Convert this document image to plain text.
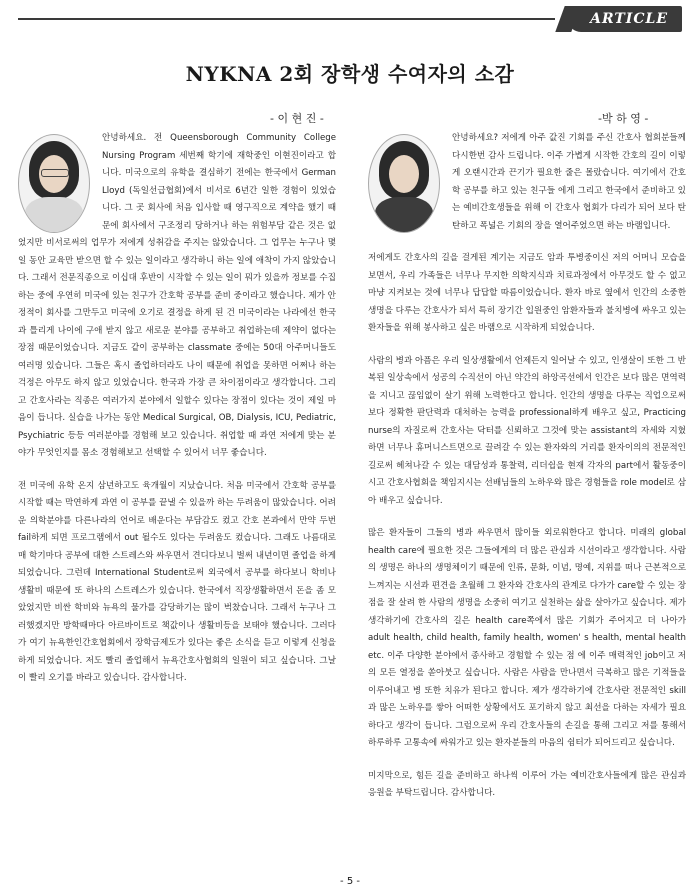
ARTICLE
NYKNA 2회 장학생 수여자의 소감
- 이 현 진 -	-박 하 영 -

안녕하세요. 전 Queensborough Community College Nursing Program 세번째 학기에 재학중인 이현진이라고 합니다. 미국으로의 유학을 결심하기 전에는 한국에서 German Lloyd (독일선급협회)에서 비서로 6년간 일한 경험이 있었습니다. 그 곳 회사에 처음 입사할 때 영구직으로 계약을 했기 때문에 회사에서 구조정리 당하거나 하는 위험부담 같은 것은 없었지만 비서로써의 업무가 저에게 성취감을 주지는 않았습니다. 그 업무는 누구나 몇 일 동안 교육만 받으면 할 수 있는 일이라고 생각하니 하는 일에 애착이 가지 않았습니다. 그래서 전문직종으로 이십대 후반이 시작할 수 있는 일이 뭐가 있을까 정보를 수집하는 중에 우연히 미국에 있는 친구가 간호학 공부를 준비 중이라고 했습니다. 제가 안정적이 회사를 그만두고 미국에 오기로 결정을 하게 된 건 미국이라는 나라에선 한국과 틀리게 나이에 구애 받지 않고 새로운 분야를 공부하고 취업하는데 제약이 없다는 장점 때문이었습니다. 지금도 같이 공부하는 classmate 중에는 50대 아주머니들도 여러명 있습니다. 그들은 혹시 졸업하더라도 나이 때문에 취업을 못하면 어쩌나 하는 걱정은 아무도 하지 않고 있었습니다. 한국과 가장 큰 차이점이라고 생각합니다. 그리고 간호사라는 직종은 여러가지 분야에서 일할수 있다는 장점이 있다는 것이 제일 마음이 듭니다. 실습을 나가는 동안 Medical Surgical, OB, Dialysis, ICU, Pediatric, Psychiatric 등등 여러분야를 경험해 보고 있습니다. 취업할 때 과연 저에게 맞는 분야가 무엇인지를 몸소 경험해보고 선택할 수 있어서 너무 좋습니다.

전 미국에 유학 온지 삼년하고도 육개월이 지났습니다. 처음 미국에서 간호학 공부를 시작할 때는 막연하게 과연 이 공부를 끝낼 수 있을까 하는 두려움이 많았습니다. 어려운 의학분야를 다른나라의 언어로 배운다는 부담감도 컸고 간호 본과에서 만약 두번 fail하게 되면 프로그램에서 out 될수도 있다는 두려움도 컸습니다. 그래도 나름대로 매 학기마다 공부에 대한 스트레스와 싸우면서 견디다보니 벌써 내년이면 졸업을 하게 되었습니다. 그런데 International Student로써 외국에서 공부를 하다보니 학비나 생활비 때문에 또 하나의 스트레스가 있습니다. 한국에서 직장생활하면서 돈을 좀 모았었지만 비싼 학비와 뉴욕의 물가를 감당하기는 많이 벅찼습니다. 그래서 누구나 그러했겠지만 방학때마다 아르바이트로 책값이나 생활비등을 보태야 했습니다. 그러다가 여기 뉴욕한인간호협회에서 장학금제도가 있다는 좋은 소식을 듣고 이렇게 신청을 하게 되었습니다. 저도 빨리 졸업해서 뉴욕간호사협회의 일원이 되고 싶습니다. 그날이 빨리 오기를 바라고 있습니다. 감사합니다.

안녕하세요? 저에게 아주 값진 기회를 주신 간호사 협회분들께 다시한번 감사 드립니다. 이주 가볍게 시작한 간호의 길이 이렇게 오랜시간과 끈기가 필요한 줄은 몰랐습니다. 여기에서 간호학 공부를 하고 있는 친구들 에게 그리고 한국에서 준비하고 있는 예비간호생들을 위해 이 간호사 협회가 다리가 되어 보다 탄탄하고 폭넓은 기회의 장을 열어주었으면 하는 바램입니다.

저에게도 간호사의 길을 걸게된 계기는 지금도 암과 투병중이신 저의 어머니 모습을 보면서, 우리 가족들은 너무나 무지한 의학지식과 치료과정에서 아무것도 할 수 없고 마냥 지켜보는 것에 너무나 답답할 따름이었습니다. 환자 바로 옆에서 인간의 소중한 생명을 다루는 간호사가 되서 특히 장기간 입원중인 암환자들과 불치병에 싸우고 있는 환자들을 위해 봉사하고 싶은 바램으로 시작하게 되었습니다.

사람의 병과 아픔은 우리 일상생활에서 언제든지 일어날 수 있고, 인생살이 또한 그 반복된 일상속에서 성공의 수직선이 아닌 약간의 하앙곡선에서 인간은 보다 많은 면역력을 지니고 끊임없이 살기 위해 노력한다고 합니다. 인간의 생명을 다루는 직업으로써 보다 정확한 판단력과 대처하는 능력을 professional하게 배우고 싶고, Practicing nurse의 자질로써 간호사는 닥터를 신뢰하고 그것에 맞는 assistant의 자세와 지혔하면 너무나 휴머니스트면으로 끌려갈 수 있는 환자와의 거리를 환자이의의 전문적인 길로써 헤쳐나갈 수 있는 대담성과 통찰력, 리더쉽을 현재 각자의 part에서 활동중이시고 간호사협회을 책임지시는 선배님들의 노하우와 많은 경험들을 role model로 삼아 배우고 싶습니다.

많은 환자들이 그들의 병과 싸우면서 많이들 외로워한다고 합니다. 미래의 global health care에 필요한 것은 그들에게의 더 많은 관심과 시선이라고 생각합니다. 사람의 생명은 하나의 생명체이기 때문에 인류, 문화, 이념, 명예, 지위를 떠나 근본적으로 느껴지는 시선과 편견을 초월해 그 환자와 간호사의 관계로 다가가 care할 수 있는 장점을 잘 살려 한 사람의 생명을 소중히 여기고 실천하는 삶을 살아가고 싶습니다. 제가 생각하기에 간호사의 길은 health care쪽에서 많은 기회가 주어지고 더 나아가 adult health, child health, family health, women' s health, mental health etc. 이주 다양한 분야에서 종사하고 경험할 수 있는 점 에 이주 매력적인 job이고 저의 모든 열정을 쏟아붓고 싶습니다. 사람은 사람을 만나면서 극복하고 많은 기적들을 이루어내고 병 또한 치유가 된다고 합니다. 제가 생각하기에 간호사란 전문적인 skill과 많은 노하우를 쌓아 어떠한 상황에서도 포기하지 않고 최선을 다하는 자세가 필요하다고 생각이 듭니다. 그럼으로써 우리 간호사들의 손길을 통해 그리고 저를 통해서 하루하루 고통속에 싸워가고 있는 환자분들의 마음의 쉼터가 되어드리고 싶습니다.

미지막으로, 힘든 길을 준비하고 하나씩 이루어 가는 예비간호사들에게 많은 관심과 응원을 부탁드립니다. 감사합니다.

- 5 -
